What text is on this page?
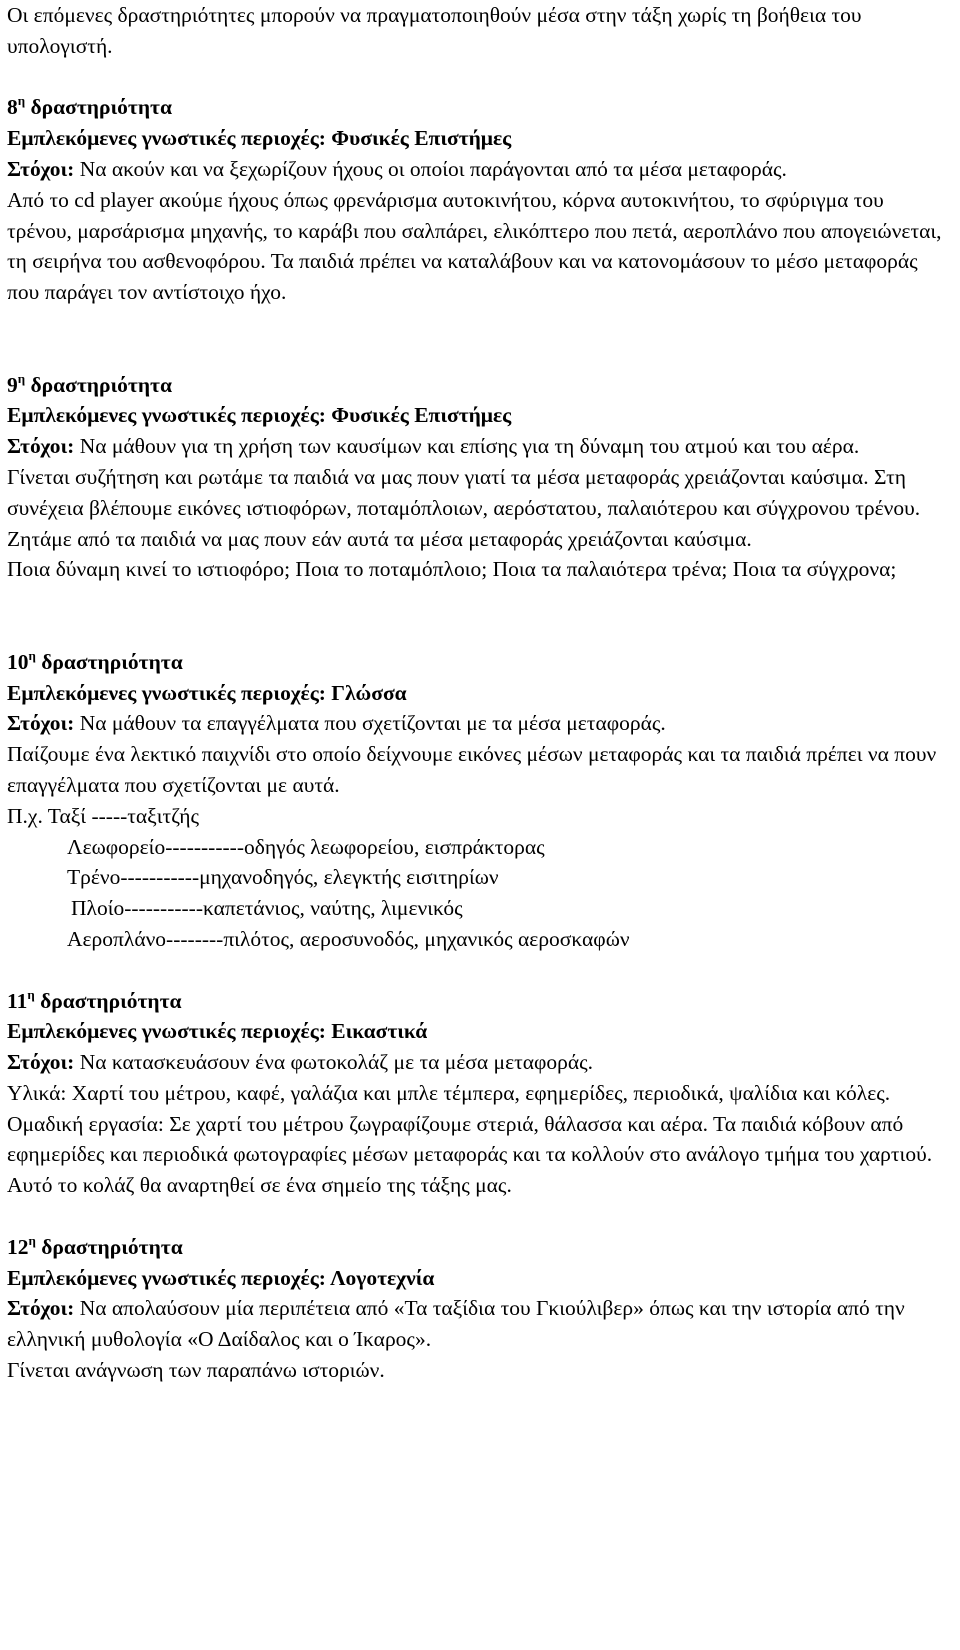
Οι επόμενες δραστηριότητες μπορούν να πραγματοποιηθούν μέσα στην τάξη χωρίς τη βοήθεια του υπολογιστή.

$8^\eta$ δραστηριότητα

Εμπλεκόμενες γνωστικές περιοχές: Φυσικές Επιστήμες

Στόχοι: Να ακούν και να ξεχωρίζουν ήχους οι οποίοι παράγονται από τα μέσα μεταφοράς.

Από το cd player ακούμε ήχους όπως φρενάρισμα αυτοκινήτου, κόρνα αυτοκινήτου, το σφύριγμα του τρένου, μαρσάρισμα μηχανής, το καράβι που σαλπάρει, ελικόπτερο που πετά, αεροπλάνο που απογειώνεται, τη σειρήνα του ασθενοφόρου. Τα παιδιά πρέπει να καταλάβουν και να κατονομάσουν το μέσο μεταφοράς που παράγει τον αντίστοιχο ήχο.

$9^\eta$ δραστηριότητα

Εμπλεκόμενες γνωστικές περιοχές: Φυσικές Επιστήμες

Στόχοι: Να μάθουν για τη χρήση των καυσίμων και επίσης για τη δύναμη του ατμού και του αέρα.

Γίνεται συζήτηση και ρωτάμε τα παιδιά να μας πουν γιατί τα μέσα μεταφοράς χρειάζονται καύσιμα. Στη συνέχεια βλέπουμε εικόνες ιστιοφόρων, ποταμόπλοιων, αερόστατου, παλαιότερου και σύγχρονου τρένου. Ζητάμε από τα παιδιά να μας πουν εάν αυτά τα μέσα μεταφοράς χρειάζονται καύσιμα.

Ποια δύναμη κινεί το ιστιοφόρο; Ποια το ποταμόπλοιο; Ποια τα παλαιότερα τρένα; Ποια τα σύγχρονα;

$10^\eta$ δραστηριότητα

Εμπλεκόμενες γνωστικές περιοχές: Γλώσσα

Στόχοι: Να μάθουν τα επαγγέλματα που σχετίζονται με τα μέσα μεταφοράς.

Παίζουμε ένα λεκτικό παιχνίδι στο οποίο δείχνουμε εικόνες μέσων μεταφοράς και τα παιδιά πρέπει να πουν επαγγέλματα που σχετίζονται με αυτά.

Π.χ. Ταξί -----ταξιτζής

Λεωφορείο-----------οδηγός λεωφορείου, εισπράκτορας

Τρένο-----------μηχανοδηγός, ελεγκτής εισιτηρίων

Πλοίο-----------καπετάνιος, ναύτης, λιμενικός

Αεροπλάνο--------πιλότος, αεροσυνοδός, μηχανικός αεροσκαφών

$11^\eta$ δραστηριότητα

Εμπλεκόμενες γνωστικές περιοχές: Εικαστικά

Στόχοι: Να κατασκευάσουν ένα φωτοκολάζ με τα μέσα μεταφοράς.

Υλικά: Χαρτί του μέτρου, καφέ, γαλάζια και μπλε τέμπερα, εφημερίδες, περιοδικά, ψαλίδια και κόλες.

Ομαδική εργασία: Σε χαρτί του μέτρου ζωγραφίζουμε στεριά, θάλασσα και αέρα. Τα παιδιά κόβουν από εφημερίδες και περιοδικά φωτογραφίες μέσων μεταφοράς και τα κολλούν στο ανάλογο τμήμα του χαρτιού. Αυτό το κολάζ θα αναρτηθεί σε ένα σημείο της τάξης μας.

$12^\eta$ δραστηριότητα

Εμπλεκόμενες γνωστικές περιοχές: Λογοτεχνία

Στόχοι: Να απολαύσουν μία περιπέτεια από «Τα ταξίδια του Γκιούλιβερ» όπως και την ιστορία από την ελληνική μυθολογία «Ο Δαίδαλος και ο Ίκαρος».

Γίνεται ανάγνωση των παραπάνω ιστοριών.
